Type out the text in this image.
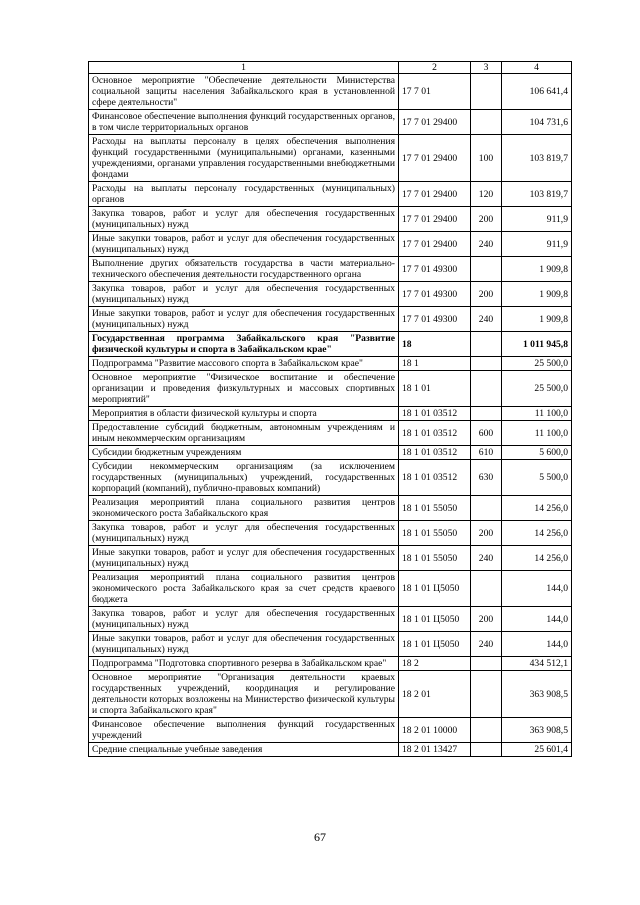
1	2	3	4
Основное мероприятие "Обеспечение деятельности Министерства социальной защиты населения Забайкальского края в установленной сфере деятельности"	17 7 01		106 641,4
Финансовое обеспечение выполнения функций государственных органов, в том числе территориальных органов	17 7 01 29400		104 731,6
Расходы на выплаты персоналу в целях обеспечения выполнения функций государственными (муниципальными) органами, казенными учреждениями, органами управления государственными внебюджетными фондами	17 7 01 29400	100	103 819,7
Расходы на выплаты персоналу государственных (муниципальных) органов	17 7 01 29400	120	103 819,7
Закупка товаров, работ и услуг для обеспечения государственных (муниципальных) нужд	17 7 01 29400	200	911,9
Иные закупки товаров, работ и услуг для обеспечения государственных (муниципальных) нужд	17 7 01 29400	240	911,9
Выполнение других обязательств государства в части материально-технического обеспечения деятельности государственного органа	17 7 01 49300		1 909,8
Закупка товаров, работ и услуг для обеспечения государственных (муниципальных) нужд	17 7 01 49300	200	1 909,8
Иные закупки товаров, работ и услуг для обеспечения государственных (муниципальных) нужд	17 7 01 49300	240	1 909,8
Государственная программа Забайкальского края "Развитие физической культуры и спорта в Забайкальском крае"	18		1 011 945,8
Подпрограмма "Развитие массового спорта в Забайкальском крае"	18 1		25 500,0
Основное мероприятие "Физическое воспитание и обеспечение организации и проведения физкультурных и массовых спортивных мероприятий"	18 1 01		25 500,0
Мероприятия в области физической культуры и спорта	18 1 01 03512		11 100,0
Предоставление субсидий бюджетным, автономным учреждениям и иным некоммерческим организациям	18 1 01 03512	600	11 100,0
Субсидии бюджетным учреждениям	18 1 01 03512	610	5 600,0
Субсидии некоммерческим организациям (за исключением государственных (муниципальных) учреждений, государственных корпораций (компаний), публично-правовых компаний)	18 1 01 03512	630	5 500,0
Реализация мероприятий плана социального развития центров экономического роста Забайкальского края	18 1 01 55050		14 256,0
Закупка товаров, работ и услуг для обеспечения государственных (муниципальных) нужд	18 1 01 55050	200	14 256,0
Иные закупки товаров, работ и услуг для обеспечения государственных (муниципальных) нужд	18 1 01 55050	240	14 256,0
Реализация мероприятий плана социального развития центров экономического роста Забайкальского края за счет средств краевого бюджета	18 1 01 Ц5050		144,0
Закупка товаров, работ и услуг для обеспечения государственных (муниципальных) нужд	18 1 01 Ц5050	200	144,0
Иные закупки товаров, работ и услуг для обеспечения государственных (муниципальных) нужд	18 1 01 Ц5050	240	144,0
Подпрограмма "Подготовка спортивного резерва в Забайкальском крае"	18 2		434 512,1
Основное мероприятие "Организация деятельности краевых государственных учреждений, координация и регулирование деятельности которых возложены на Министерство физической культуры и спорта Забайкальского края"	18 2 01		363 908,5
Финансовое обеспечение выполнения функций государственных учреждений	18 2 01 10000		363 908,5
Средние специальные учебные заведения	18 2 01 13427		25 601,4
67
